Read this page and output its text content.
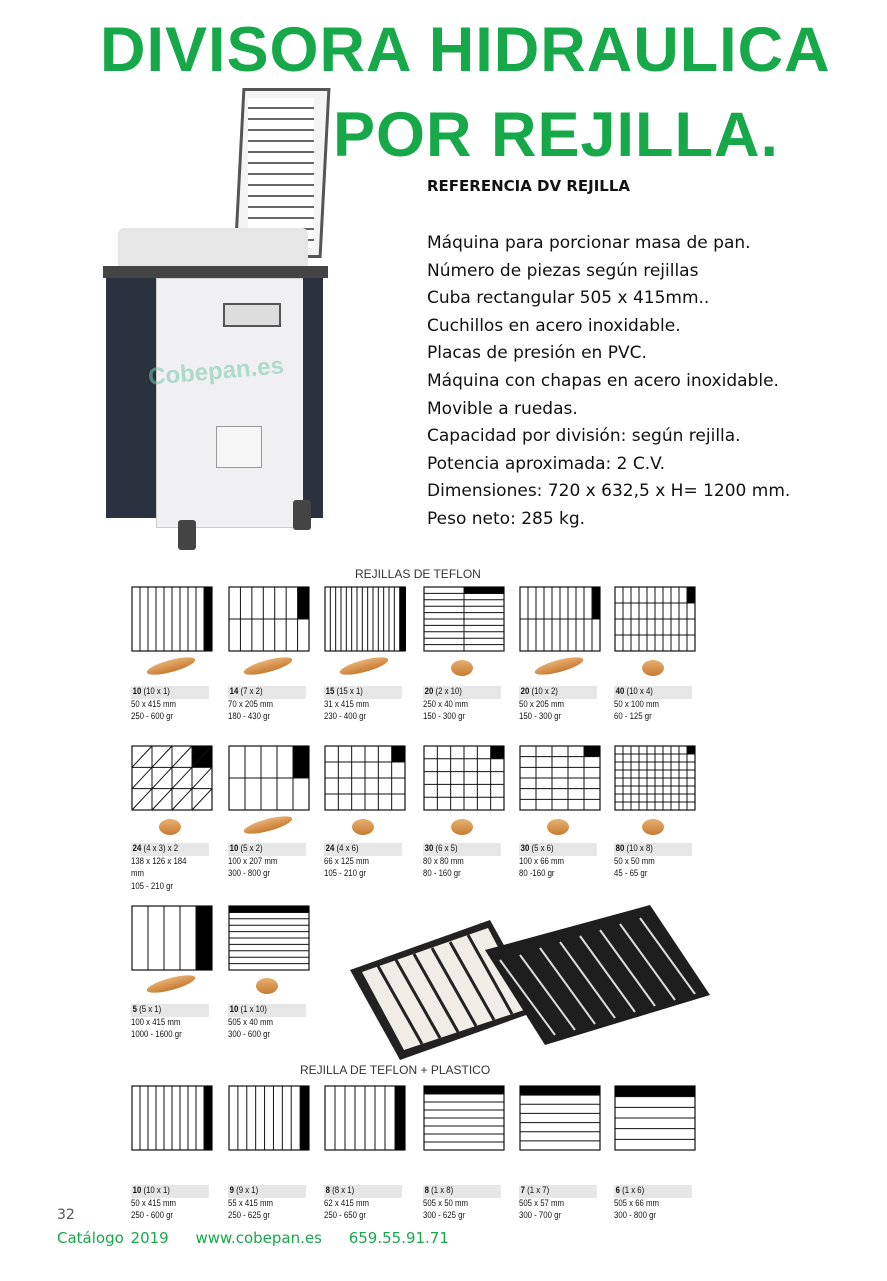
DIVISORA HIDRAULICA
POR REJILLA.
Cobepan.es
REFERENCIA DV REJILLA
Máquina para porcionar masa de pan.
Número de piezas según rejillas
Cuba rectangular 505 x 415mm..
Cuchillos en acero inoxidable.
Placas de presión en PVC.
Máquina con chapas en acero inoxidable.
Movible a ruedas.
Capacidad por división: según rejilla.
Potencia aproximada: 2 C.V.
Dimensiones: 720 x 632,5 x H= 1200 mm.
Peso neto: 285 kg.
REJILLAS DE TEFLON
REJILLA DE TEFLON + PLASTICO
10 (10 x 1)
50 x 415 mm
250 - 600 gr
14 (7 x 2)
70 x 205 mm
180 - 430 gr
15 (15 x 1)
31 x 415 mm
230 - 400 gr
20 (2 x 10)
250 x 40 mm
150 - 300 gr
20 (10 x 2)
50 x 205 mm
150 - 300 gr
40 (10 x 4)
50 x 100 mm
60 - 125 gr
24 (4 x 3) x 2
138 x 126 x 184 mm
105 - 210 gr
10 (5 x 2)
100 x 207 mm
300 - 800 gr
24 (4 x 6)
66 x 125 mm
105 - 210 gr
30 (6 x 5)
80 x 80 mm
80 - 160 gr
30 (5 x 6)
100 x 66 mm
80 -160 gr
80 (10 x 8)
50 x 50 mm
45 - 65 gr
5 (5 x 1)
100 x 415 mm
1000 - 1600 gr
10 (1 x 10)
505 x 40 mm
300 - 600 gr
10 (10 x 1)
50 x 415 mm
250 - 600 gr
9 (9 x 1)
55 x 415 mm
250 - 625 gr
8 (8 x 1)
62 x 415 mm
250 - 650 gr
8 (1 x 8)
505 x 50 mm
300 - 625 gr
7 (1 x 7)
505 x 57 mm
300 - 700 gr
6 (1 x 6)
505 x 66 mm
300 - 800 gr
32
Catálogo 2019 www.cobepan.es 659.55.91.71
